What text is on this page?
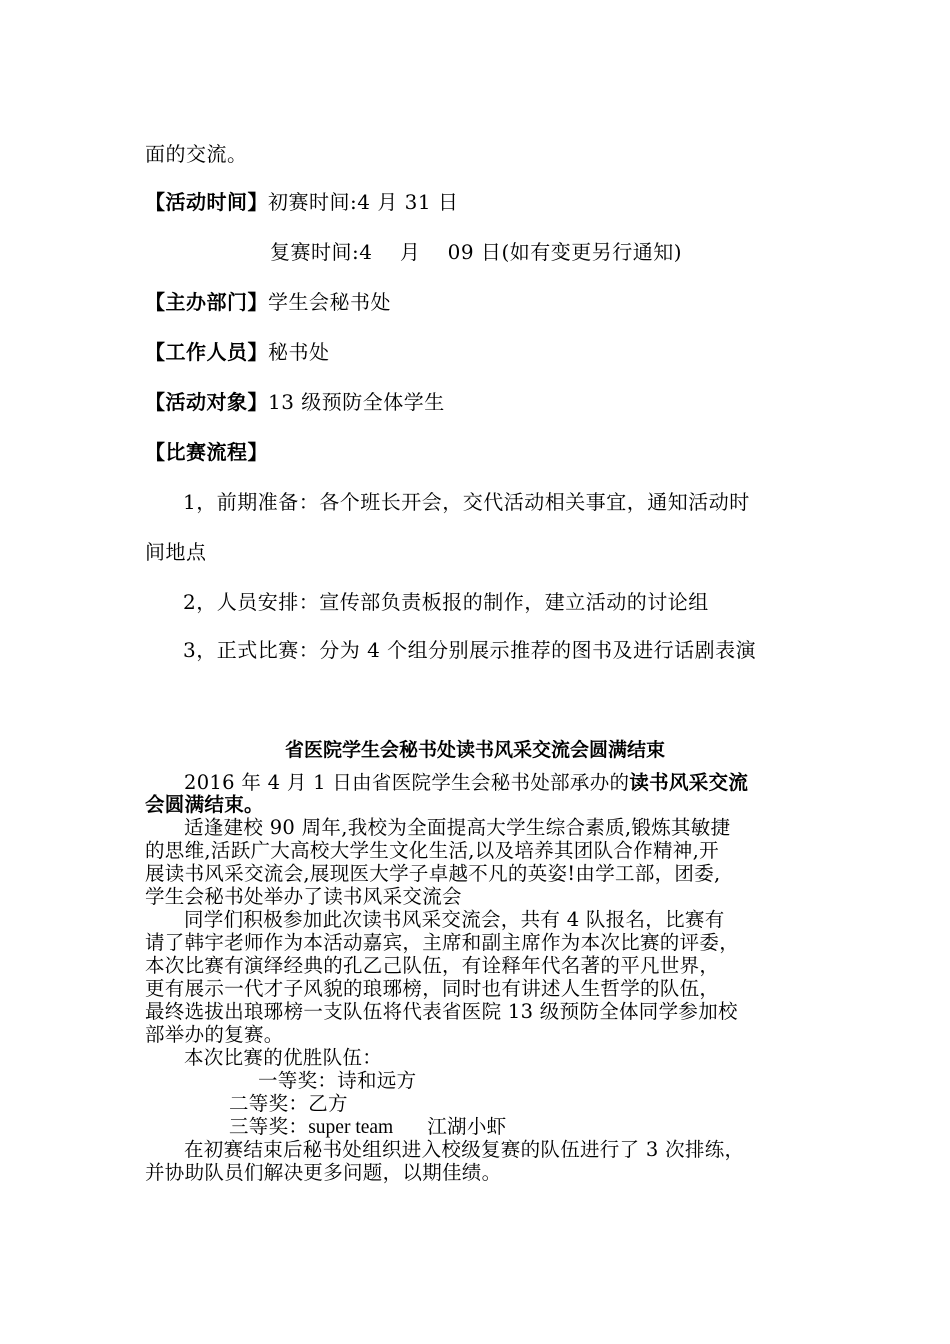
面的交流。
【活动时间】初赛时间:4 月 31 日
复赛时间:4　 月　 09 日(如有变更另行通知)
【主办部门】学生会秘书处
【工作人员】秘书处
【活动对象】13 级预防全体学生
【比赛流程】
1，前期准备：各个班长开会，交代活动相关事宜，通知活动时
间地点
2，人员安排：宣传部负责板报的制作，建立活动的讨论组
3，正式比赛：分为 4 个组分别展示推荐的图书及进行话剧表演
省医院学生会秘书处读书风采交流会圆满结束
2016 年 4 月 1 日由省医院学生会秘书处部承办的读书风采交流
会圆满结束。
适逢建校 90 周年,我校为全面提高大学生综合素质,锻炼其敏捷
的思维,活跃广大高校大学生文化生活,以及培养其团队合作精神,开
展读书风采交流会,展现医大学子卓越不凡的英姿!由学工部，团委,
学生会秘书处举办了读书风采交流会
同学们积极参加此次读书风采交流会，共有 4 队报名，比赛有
请了韩宇老师作为本活动嘉宾，主席和副主席作为本次比赛的评委，
本次比赛有演绎经典的孔乙己队伍，有诠释年代名著的平凡世界，
更有展示一代才子风貌的琅琊榜，同时也有讲述人生哲学的队伍，
最终选拔出琅琊榜一支队伍将代表省医院 13 级预防全体同学参加校
部举办的复赛。
本次比赛的优胜队伍：
一等奖：诗和远方
二等奖：乙方
三等奖：super team 江湖小虾
在初赛结束后秘书处组织进入校级复赛的队伍进行了 3 次排练，
并协助队员们解决更多问题，以期佳绩。
